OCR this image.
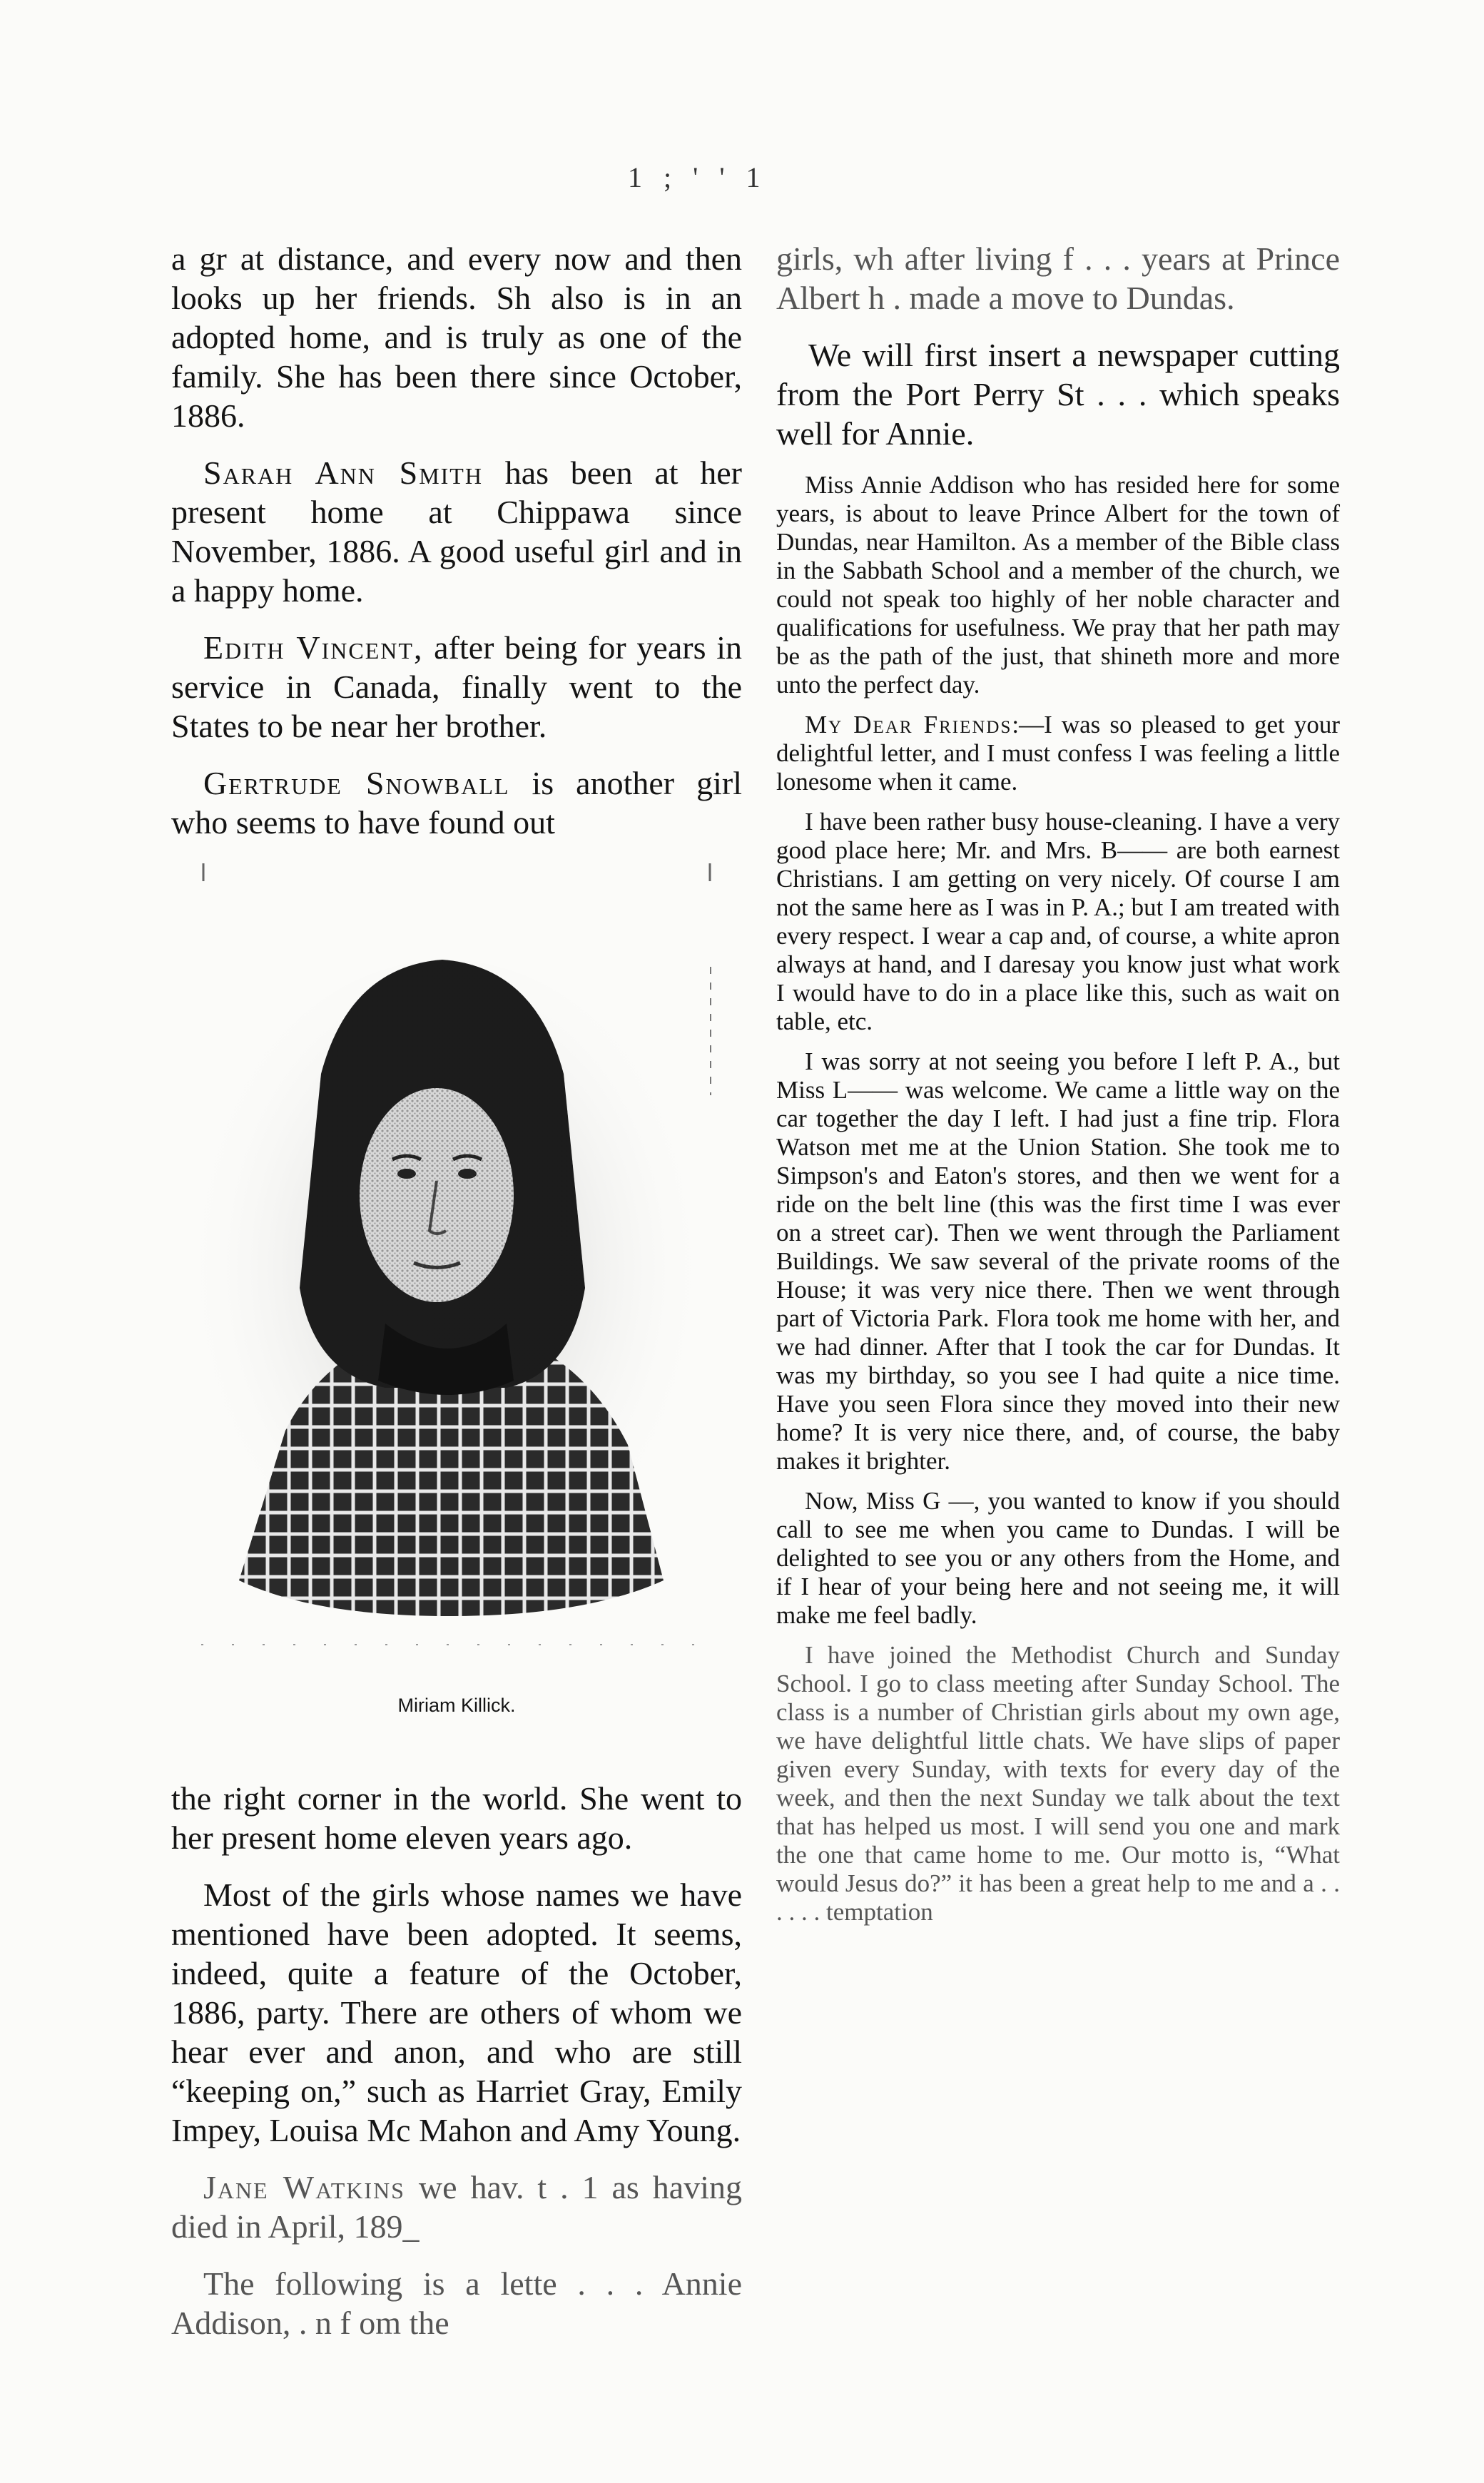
1 ; ' ' 1

a gr at distance, and every now and then looks up her friends. Sh also is in an adopted home, and is truly as one of the family. She has been there since October, 1886.

Sarah Ann Smith has been at her present home at Chippawa since November, 1886. A good useful girl and in a happy home.

Edith Vincent, after being for years in service in Canada, finally went to the States to be near her brother.

Gertrude Snowball is another girl who seems to have found out

Miriam Killick.

the right corner in the world. She went to her present home eleven years ago.

Most of the girls whose names we have mentioned have been adopted. It seems, indeed, quite a feature of the October, 1886, party. There are others of whom we hear ever and anon, and who are still “keeping on,” such as Harriet Gray, Emily Impey, Louisa Mc Mahon and Amy Young.

Jane Watkins we hav. t . 1 as having died in April, 189_

The following is a lette . . . Annie Addison, . n f om the

girls, wh after living f . . . years at Prince Albert h . made a move to Dundas.

We will first insert a newspaper cutting from the Port Perry St . . . which speaks well for Annie.

Miss Annie Addison who has resided here for some years, is about to leave Prince Albert for the town of Dundas, near Hamilton. As a member of the Bible class in the Sabbath School and a member of the church, we could not speak too highly of her noble character and qualifications for usefulness. We pray that her path may be as the path of the just, that shineth more and more unto the perfect day.

My Dear Friends:—I was so pleased to get your delightful letter, and I must confess I was feeling a little lonesome when it came.

I have been rather busy house-cleaning. I have a very good place here; Mr. and Mrs. B—— are both earnest Christians. I am getting on very nicely. Of course I am not the same here as I was in P. A.; but I am treated with every respect. I wear a cap and, of course, a white apron always at hand, and I daresay you know just what work I would have to do in a place like this, such as wait on table, etc.

I was sorry at not seeing you before I left P. A., but Miss L—— was welcome. We came a little way on the car together the day I left. I had just a fine trip. Flora Watson met me at the Union Station. She took me to Simpson's and Eaton's stores, and then we went for a ride on the belt line (this was the first time I was ever on a street car). Then we went through the Parliament Buildings. We saw several of the private rooms of the House; it was very nice there. Then we went through part of Victoria Park. Flora took me home with her, and we had dinner. After that I took the car for Dundas. It was my birthday, so you see I had quite a nice time. Have you seen Flora since they moved into their new home? It is very nice there, and, of course, the baby makes it brighter.

Now, Miss G —, you wanted to know if you should call to see me when you came to Dundas. I will be delighted to see you or any others from the Home, and if I hear of your being here and not seeing me, it will make me feel badly.

I have joined the Methodist Church and Sunday School. I go to class meeting after Sunday School. The class is a number of Christian girls about my own age, we have delightful little chats. We have slips of paper given every Sunday, with texts for every day of the week, and then the next Sunday we talk about the text that has helped us most. I will send you one and mark the one that came home to me. Our motto is, “What would Jesus do?” it has been a great help to me and a . . . . . . temptation
